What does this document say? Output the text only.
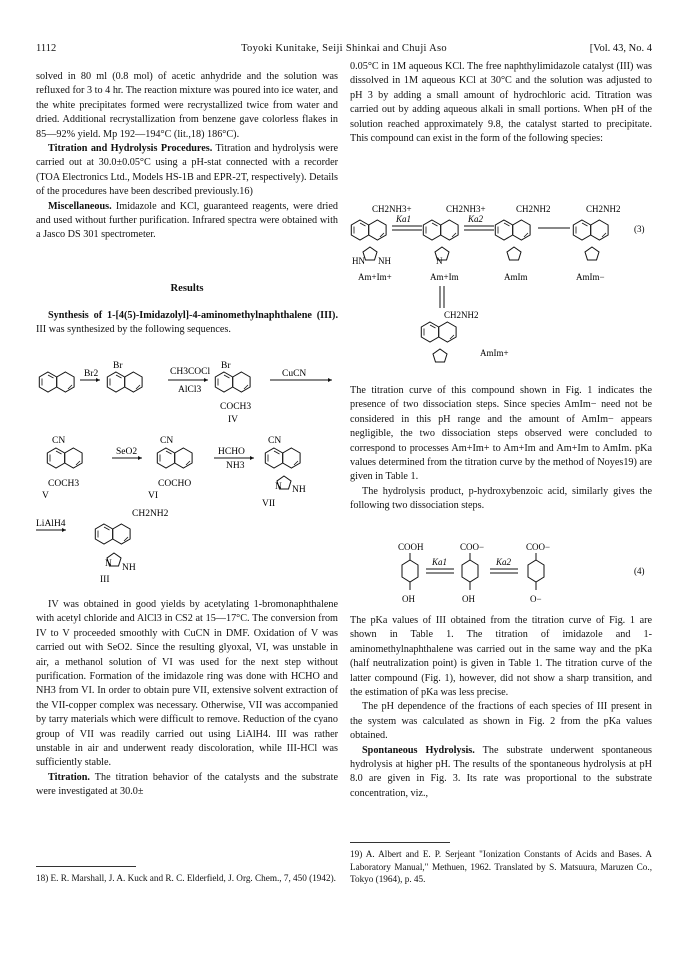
1112	Toyoki Kunitake, Seiji Shinkai and Chuji Aso	[Vol. 43, No. 4

solved in 80 ml (0.8 mol) of acetic anhydride and the solution was refluxed for 3 to 4 hr. The reaction mixture was poured into ice water, and the white precipitates formed were recrystallized twice from water and dried. Additional recrystallization from benzene gave colorless flakes in 85—92% yield. Mp 192—194°C (lit.,18) 186°C).

Titration and Hydrolysis Procedures. Titration and hydrolysis were carried out at 30.0±0.05°C using a pH-stat connected with a recorder (TOA Electronics Ltd., Models HS-1B and EPR-2T, respectively). Details of the procedures have been described previously.16)

Miscellaneous. Imidazole and KCl, guaranteed reagents, were dried and used without further purification. Infrared spectra were obtained with a Jasco DS 301 spectrometer.

Results

Synthesis of 1-[4(5)-Imidazolyl]-4-aminomethylnaphthalene (III). III was synthesized by the following sequences.

Br2
Br
CH3COCl
AlCl3
Br
COCH3
IV
CuCN
CN
COCH3
V
SeO2
CN
COCHO
VI
HCHO
NH3
CN
NH
N
VII
LiAlH4
CH2NH2
NH
N
III

IV was obtained in good yields by acetylating 1-bromonaphthalene with acetyl chloride and AlCl3 in CS2 at 15—17°C. The conversion from IV to V proceeded smoothly with CuCN in DMF. Oxidation of V was carried out with SeO2. Since the resulting glyoxal, VI, was unstable in air, a methanol solution of VI was used for the next step without purification. Formation of the imidazole ring was done with HCHO and NH3 from VI. In order to obtain pure VII, extensive solvent extraction of the VII-copper complex was necessary. Otherwise, VII was accompanied by tarry materials which were difficult to remove. Reduction of the cyano group of VII was readily carried out using LiAlH4. III was rather unstable in air and underwent ready discoloration, while III-HCl was sufficiently stable.

Titration. The titration behavior of the catalysts and the substrate were investigated at 30.0±

18) E. R. Marshall, J. A. Kuck and R. C. Elderfield, J. Org. Chem., 7, 450 (1942).

0.05°C in 1M aqueous KCl. The free naphthylimidazole catalyst (III) was dissolved in 1M aqueous KCl at 30°C and the solution was adjusted to pH 3 by adding a small amount of hydrochloric acid. Titration was carried out by adding aqueous alkali in small portions. When pH of the solution reached approximately 9.8, the catalyst started to precipitate. This compound can exist in the form of the following species:

CH2NH3+	CH2NH3+	CH2NH2	CH2NH2
Ka1	Ka2
(3)
HN NH	N
Am+Im+	Am+Im	AmIm	AmIm−
CH2NH2
AmIm+

The titration curve of this compound shown in Fig. 1 indicates the presence of two dissociation steps. Since species AmIm− need not be considered in this pH range and the amount of AmIm− appears negligible, the two dissociation steps observed were concluded to correspond to processes Am+Im+ to Am+Im and Am+Im to AmIm. pKa values determined from the titration curve by the method of Noyes19) are given in Table 1.

The hydrolysis product, p-hydroxybenzoic acid, similarly gives the following two dissociation steps.

COOH	COO−	COO−
Ka1	Ka2
(4)
OH	OH	O−

The pKa values of III obtained from the titration curve of Fig. 1 are shown in Table 1. The titration of imidazole and 1-aminomethylnaphthalene was carried out in the same way and the pKa (half neutralization point) is given in Table 1. The titration curve of the latter compound (Fig. 1), however, did not show a sharp transition, and the estimation of pKa was less precise.

The pH dependence of the fractions of each species of III present in the system was calculated as shown in Fig. 2 from the pKa values obtained.

Spontaneous Hydrolysis. The substrate underwent spontaneous hydrolysis at higher pH. The results of the spontaneous hydrolysis at pH 8.0 are given in Fig. 3. Its rate was proportional to the substrate concentration, viz.,

19) A. Albert and E. P. Serjeant "Ionization Constants of Acids and Bases. A Laboratory Manual," Methuen, 1962. Translated by S. Matsuura, Maruzen Co., Tokyo (1964), p. 45.
